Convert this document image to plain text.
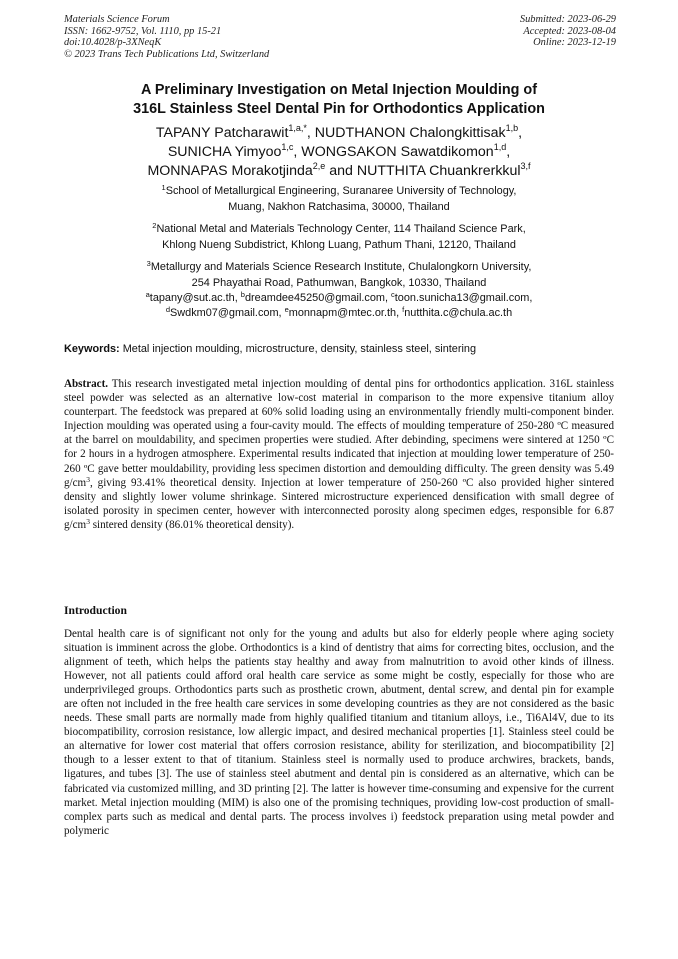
Materials Science Forum
ISSN: 1662-9752, Vol. 1110, pp 15-21
doi:10.4028/p-3XNeqK
© 2023 Trans Tech Publications Ltd, Switzerland
Submitted: 2023-06-29
Accepted: 2023-08-04
Online: 2023-12-19
A Preliminary Investigation on Metal Injection Moulding of
316L Stainless Steel Dental Pin for Orthodontics Application
TAPANY Patcharawit$^{1,a,*}$, NUDTHANON Chalongkittisak$^{1,b}$,
SUNICHA Yimyoo$^{1,c}$, WONGSAKON Sawatdikomon$^{1,d}$,
MONNAPAS Morakotjinda$^{2,e}$ and NUTTHITA Chuankrerkkul$^{3,f}$
$^1$School of Metallurgical Engineering, Suranaree University of Technology,
Muang, Nakhon Ratchasima, 30000, Thailand
$^2$National Metal and Materials Technology Center, 114 Thailand Science Park,
Khlong Nueng Subdistrict, Khlong Luang, Pathum Thani, 12120, Thailand
$^3$Metallurgy and Materials Science Research Institute, Chulalongkorn University,
254 Phayathai Road, Pathumwan, Bangkok, 10330, Thailand
$^a$tapany@sut.ac.th, $^b$dreamdee45250@gmail.com, $^c$toon.sunicha13@gmail.com,
$^d$Swdkm07@gmail.com, $^e$monnapm@mtec.or.th, $^f$nutthita.c@chula.ac.th
Keywords: Metal injection moulding, microstructure, density, stainless steel, sintering
Abstract. This research investigated metal injection moulding of dental pins for orthodontics application. 316L stainless steel powder was selected as an alternative low-cost material in comparison to the more expensive titanium alloy counterpart. The feedstock was prepared at 60% solid loading using an environmentally friendly multi-component binder. Injection moulding was operated using a four-cavity mould. The effects of moulding temperature of 250-280 ºC measured at the barrel on mouldability, and specimen properties were studied. After debinding, specimens were sintered at 1250 ºC for 2 hours in a hydrogen atmosphere. Experimental results indicated that injection at moulding lower temperature of 250-260 ºC gave better mouldability, providing less specimen distortion and demoulding difficulty. The green density was 5.49 $g/cm^3$, giving 93.41% theoretical density. Injection at lower temperature of 250-260 ºC also provided higher sintered density and slightly lower volume shrinkage. Sintered microstructure experienced densification with small degree of isolated porosity in specimen center, however with interconnected porosity along specimen edges, responsible for 6.87 $g/cm^3$ sintered density (86.01% theoretical density).
Introduction
Dental health care is of significant not only for the young and adults but also for elderly people where aging society situation is imminent across the globe. Orthodontics is a kind of dentistry that aims for correcting bites, occlusion, and the alignment of teeth, which helps the patients stay healthy and away from malnutrition to avoid other kinds of illness. However, not all patients could afford oral health care service as some might be costly, especially for those who are underprivileged groups. Orthodontics parts such as prosthetic crown, abutment, dental screw, and dental pin for example are often not included in the free health care services in some developing countries as they are not considered as the basic needs. These small parts are normally made from highly qualified titanium and titanium alloys, i.e., Ti6Al4V, due to its biocompatibility, corrosion resistance, low allergic impact, and desired mechanical properties [1]. Stainless steel could be an alternative for lower cost material that offers corrosion resistance, ability for sterilization, and biocompatibility [2] though to a lesser extent to that of titanium. Stainless steel is normally used to produce archwires, brackets, bands, ligatures, and tubes [3]. The use of stainless steel abutment and dental pin is considered as an alternative, which can be fabricated via customized milling, and 3D printing [2]. The latter is however time-consuming and expensive for the current market. Metal injection moulding (MIM) is also one of the promising techniques, providing low-cost production of small-complex parts such as medical and dental parts. The process involves i) feedstock preparation using metal powder and polymeric
